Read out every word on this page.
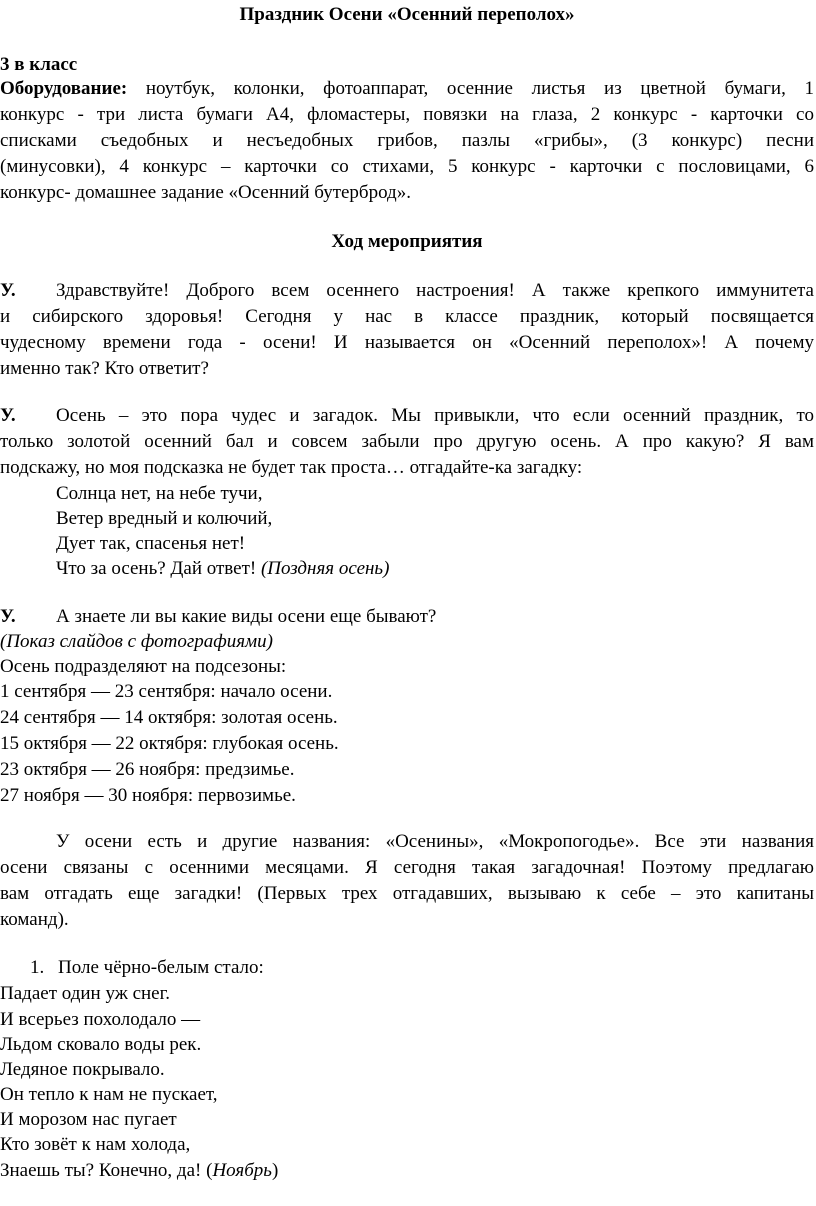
Праздник Осени «Осенний переполох»
3 в класс
Оборудование: ноутбук, колонки, фотоаппарат, осенние листья из цветной бумаги, 1
конкурс - три листа бумаги А4, фломастеры, повязки на глаза, 2 конкурс - карточки со
списками съедобных и несъедобных грибов, пазлы «грибы», (3 конкурс) песни
(минусовки), 4 конкурс – карточки со стихами, 5 конкурс - карточки с пословицами, 6
конкурс- домашнее задание «Осенний бутерброд».
Ход мероприятия
У. Здравствуйте! Доброго всем осеннего настроения! А также крепкого иммунитета
и сибирского здоровья! Сегодня у нас в классе праздник, который посвящается
чудесному времени года - осени! И называется он «Осенний переполох»! А почему
именно так? Кто ответит?
У. Осень – это пора чудес и загадок. Мы привыкли, что если осенний праздник, то
только золотой осенний бал и совсем забыли про другую осень. А про какую? Я вам
подскажу, но моя подсказка не будет так проста… отгадайте-ка загадку:
Солнца нет, на небе тучи,
Ветер вредный и колючий,
Дует так, спасенья нет!
Что за осень? Дай ответ! (Поздняя осень)
У. А знаете ли вы какие виды осени еще бывают?
(Показ слайдов с фотографиями)
Осень подразделяют на подсезоны:
1 сентября — 23 сентября: начало осени.
24 сентября — 14 октября: золотая осень.
15 октября — 22 октября: глубокая осень.
23 октября — 26 ноября: предзимье.
27 ноября — 30 ноября: первозимье.
У осени есть и другие названия: «Осенины», «Мокропогодье». Все эти названия
осени связаны с осенними месяцами. Я сегодня такая загадочная! Поэтому предлагаю
вам отгадать еще загадки! (Первых трех отгадавших, вызываю к себе – это капитаны
команд).
1. Поле чёрно-белым стало:
Падает один уж снег.
И всерьез похолодало —
Льдом сковало воды рек.
Ледяное покрывало.
Он тепло к нам не пускает,
И морозом нас пугает
Кто зовёт к нам холода,
Знаешь ты? Конечно, да! (Ноябрь)
